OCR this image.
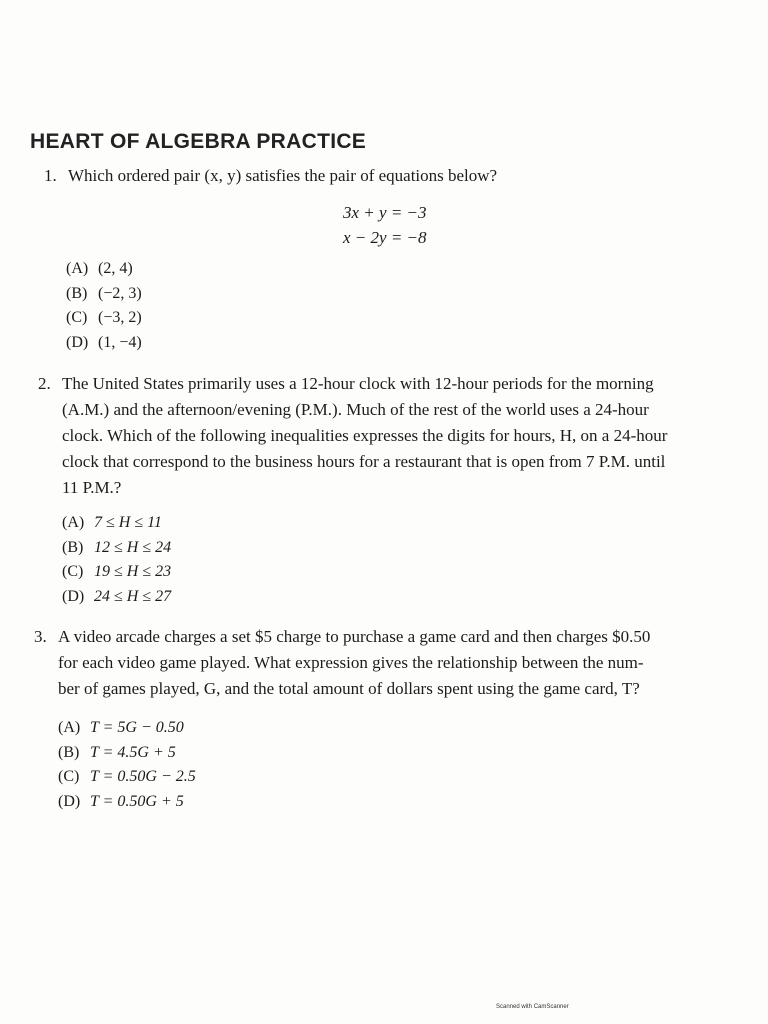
HEART OF ALGEBRA PRACTICE
1. Which ordered pair (x, y) satisfies the pair of equations below?
3x + y = −3
x − 2y = −8
(A) (2, 4)
(B) (−2, 3)
(C) (−3, 2)
(D) (1, −4)
2. The United States primarily uses a 12-hour clock with 12-hour periods for the morning
(A.M.) and the afternoon/evening (P.M.). Much of the rest of the world uses a 24-hour
clock. Which of the following inequalities expresses the digits for hours, H, on a 24-hour
clock that correspond to the business hours for a restaurant that is open from 7 P.M. until
11 P.M.?
(A) 7 ≤ H ≤ 11
(B) 12 ≤ H ≤ 24
(C) 19 ≤ H ≤ 23
(D) 24 ≤ H ≤ 27
3. A video arcade charges a set $5 charge to purchase a game card and then charges $0.50
for each video game played. What expression gives the relationship between the num-
ber of games played, G, and the total amount of dollars spent using the game card, T?
(A) T = 5G − 0.50
(B) T = 4.5G + 5
(C) T = 0.50G − 2.5
(D) T = 0.50G + 5
Scanned with CamScanner
